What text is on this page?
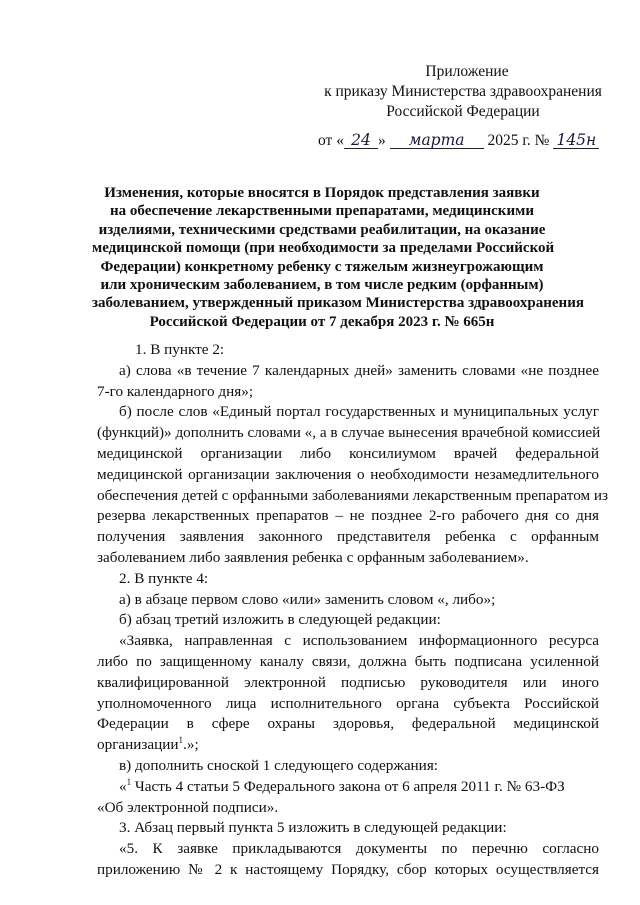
Приложение
к приказу Министерства здравоохранения
Российской Федерации
от « 24 » марта 2025 г. № 145н
Изменения, которые вносятся в Порядок представления заявки
на обеспечение лекарственными препаратами, медицинскими
изделиями, техническими средствами реабилитации, на оказание
медицинской помощи (при необходимости за пределами Российской
Федерации) конкретному ребенку с тяжелым жизнеугрожающим
или хроническим заболеванием, в том числе редким (орфанным)
заболеванием, утвержденный приказом Министерства здравоохранения
Российской Федерации от 7 декабря 2023 г. № 665н
1. В пункте 2:
а) слова «в течение 7 календарных дней» заменить словами «не позднее
7-го календарного дня»;
б) после слов «Единый портал государственных и муниципальных услуг
(функций)» дополнить словами «, а в случае вынесения врачебной комиссией
медицинской организации либо консилиумом врачей федеральной
медицинской организации заключения о необходимости незамедлительного
обеспечения детей с орфанными заболеваниями лекарственным препаратом из
резерва лекарственных препаратов – не позднее 2-го рабочего дня со дня
получения заявления законного представителя ребенка с орфанным
заболеванием либо заявления ребенка с орфанным заболеванием».
2. В пункте 4:
а) в абзаце первом слово «или» заменить словом «, либо»;
б) абзац третий изложить в следующей редакции:
«Заявка, направленная с использованием информационного ресурса
либо по защищенному каналу связи, должна быть подписана усиленной
квалифицированной электронной подписью руководителя или иного
уполномоченного лица исполнительного органа субъекта Российской
Федерации в сфере охраны здоровья, федеральной медицинской
организации$^1$.»;
в) дополнить сноской 1 следующего содержания:
«$^1$ Часть 4 статьи 5 Федерального закона от 6 апреля 2011 г. № 63-ФЗ
«Об электронной подписи».
3. Абзац первый пункта 5 изложить в следующей редакции:
«5. К заявке прикладываются документы по перечню согласно
приложению № 2 к настоящему Порядку, сбор которых осуществляется
